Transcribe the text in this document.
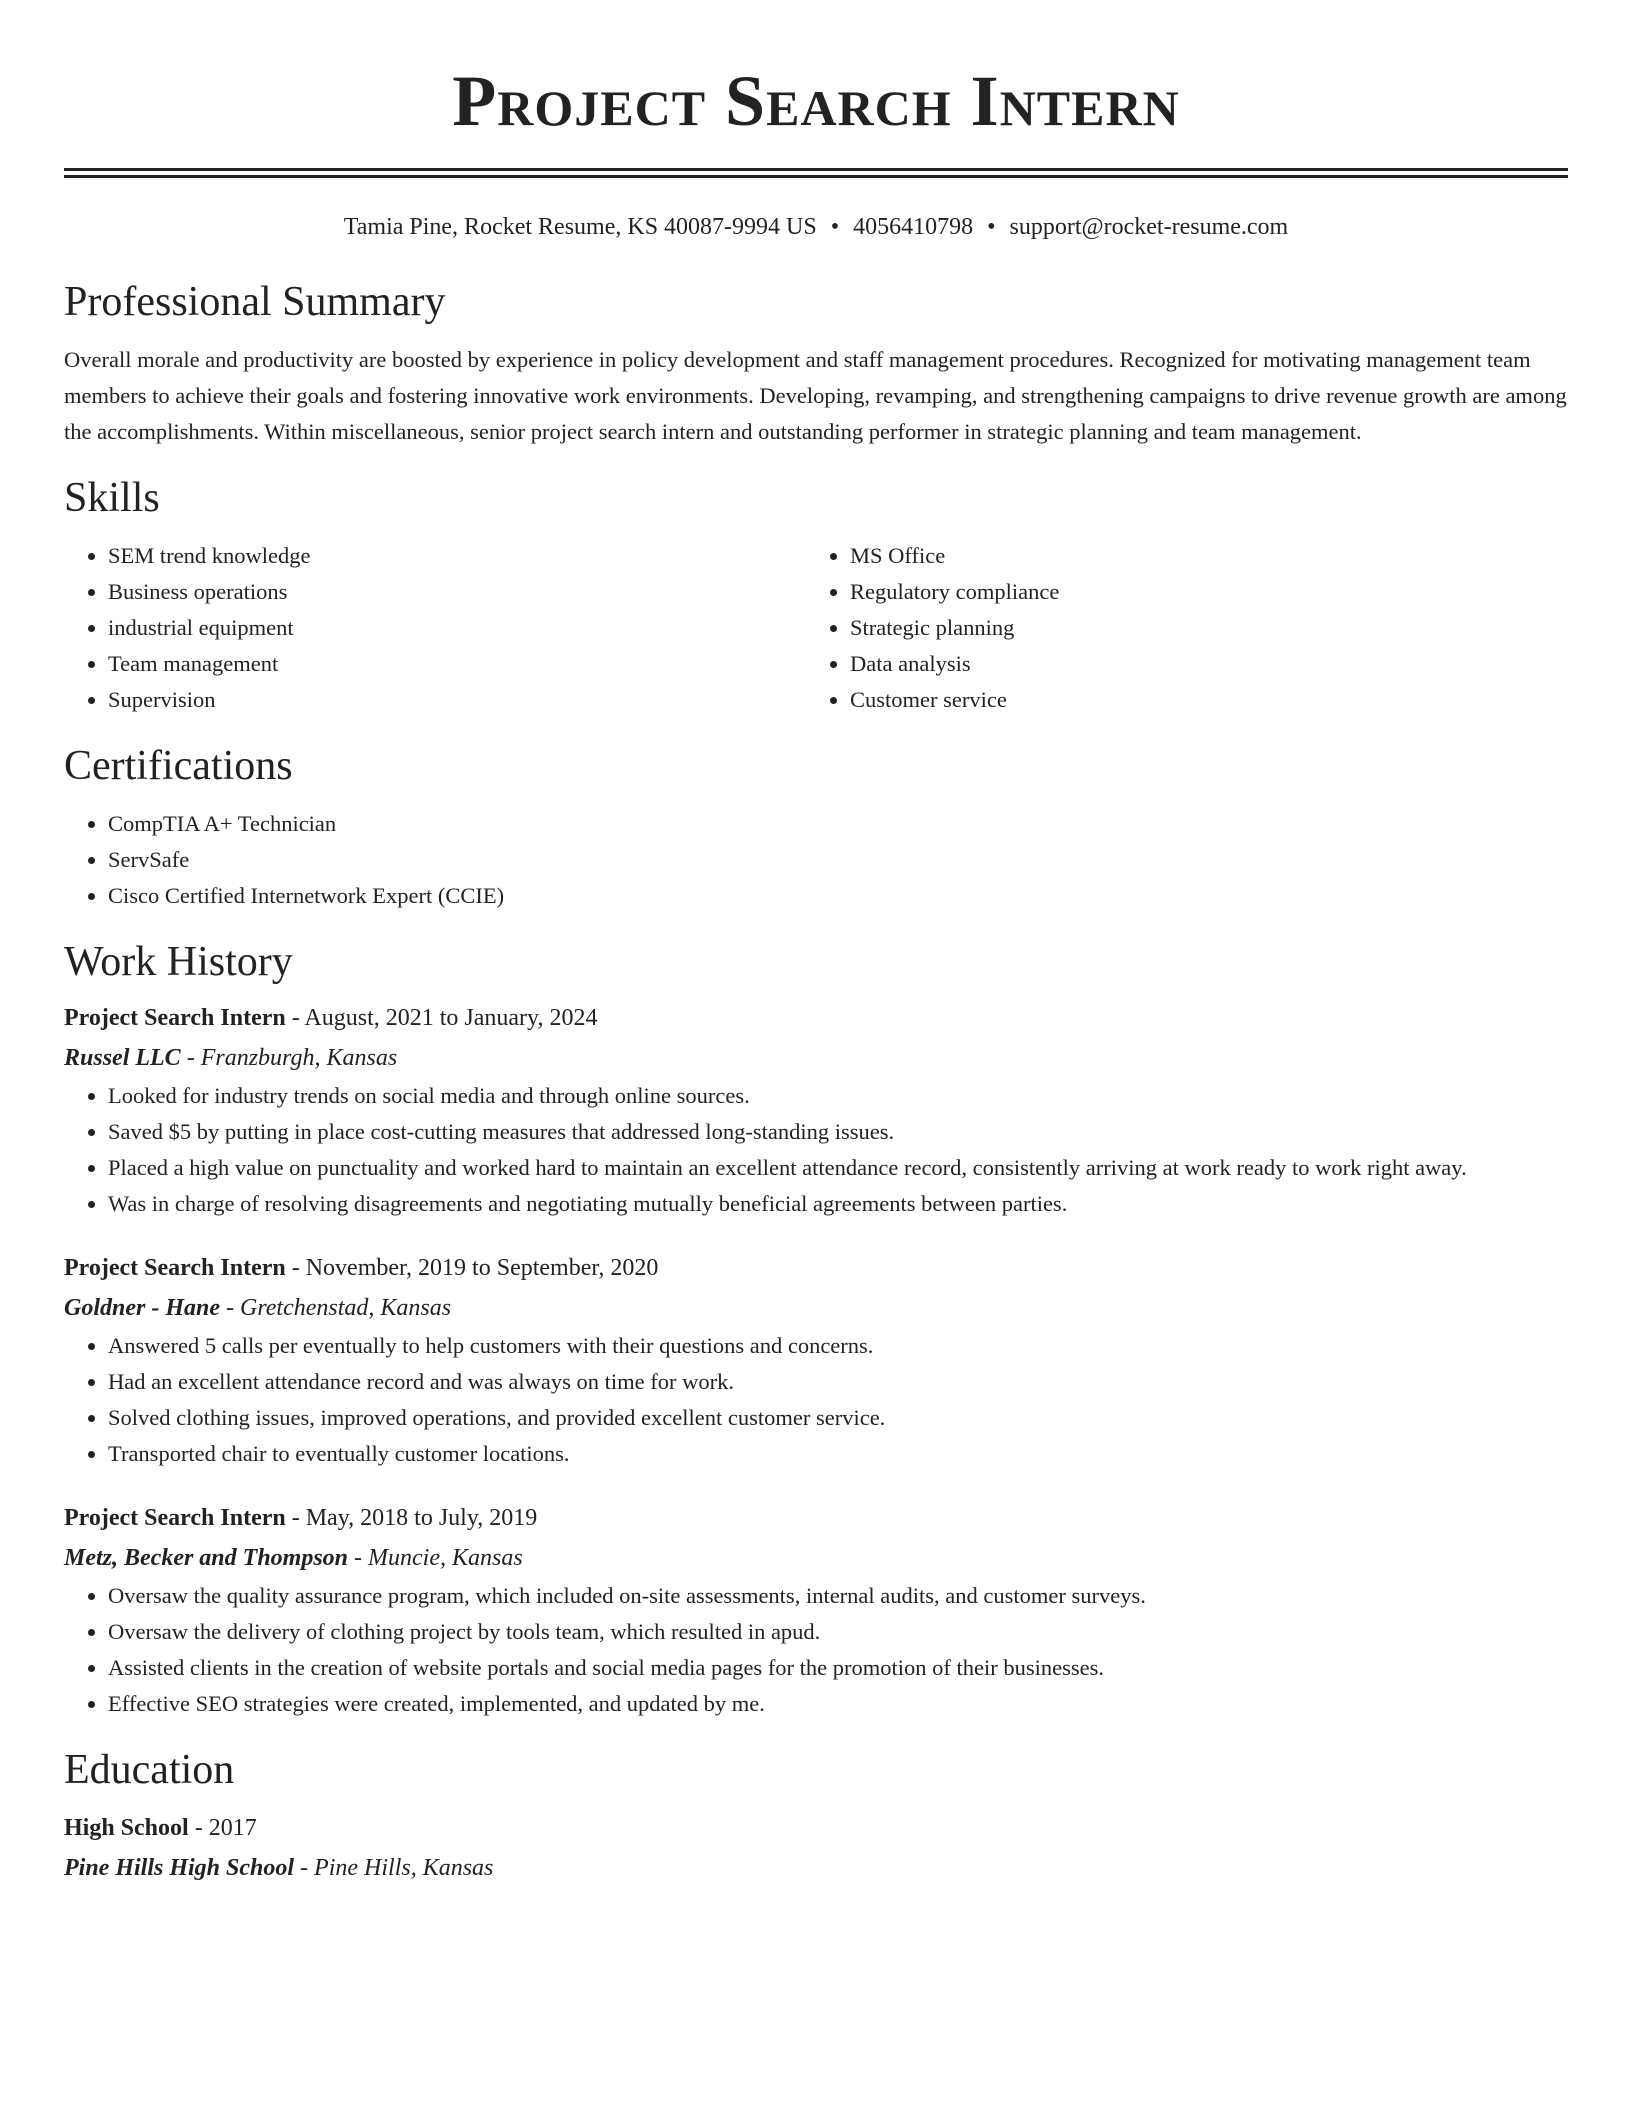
Project Search Intern
Tamia Pine, Rocket Resume, KS 40087-9994 US • 4056410798 • support@rocket-resume.com
Professional Summary

Overall morale and productivity are boosted by experience in policy development and staff management procedures. Recognized for motivating management team members to achieve their goals and fostering innovative work environments. Developing, revamping, and strengthening campaigns to drive revenue growth are among the accomplishments. Within miscellaneous, senior project search intern and outstanding performer in strategic planning and team management.

Skills
• SEM trend knowledge
• Business operations
• industrial equipment
• Team management
• Supervision
• MS Office
• Regulatory compliance
• Strategic planning
• Data analysis
• Customer service
Certifications
• CompTIA A+ Technician
• ServSafe
• Cisco Certified Internetwork Expert (CCIE)
Work History
Project Search Intern - August, 2021 to January, 2024
Russel LLC - Franzburgh, Kansas
• Looked for industry trends on social media and through online sources.
• Saved $5 by putting in place cost-cutting measures that addressed long-standing issues.
• Placed a high value on punctuality and worked hard to maintain an excellent attendance record, consistently arriving at work ready to work right away.
• Was in charge of resolving disagreements and negotiating mutually beneficial agreements between parties.
Project Search Intern - November, 2019 to September, 2020
Goldner - Hane - Gretchenstad, Kansas
• Answered 5 calls per eventually to help customers with their questions and concerns.
• Had an excellent attendance record and was always on time for work.
• Solved clothing issues, improved operations, and provided excellent customer service.
• Transported chair to eventually customer locations.
Project Search Intern - May, 2018 to July, 2019
Metz, Becker and Thompson - Muncie, Kansas
• Oversaw the quality assurance program, which included on-site assessments, internal audits, and customer surveys.
• Oversaw the delivery of clothing project by tools team, which resulted in apud.
• Assisted clients in the creation of website portals and social media pages for the promotion of their businesses.
• Effective SEO strategies were created, implemented, and updated by me.
Education
High School - 2017
Pine Hills High School - Pine Hills, Kansas
